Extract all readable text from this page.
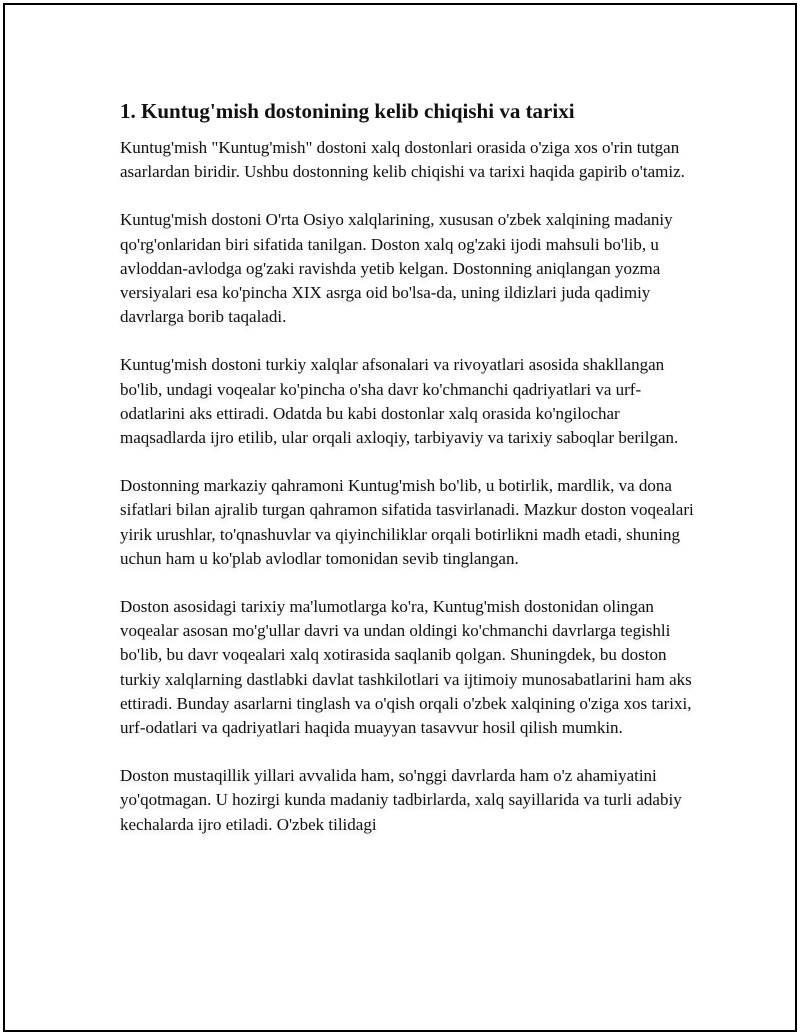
1. Kuntug'mish dostonining kelib chiqishi va tarixi

Kuntug'mish "Kuntug'mish" dostoni xalq dostonlari orasida o'ziga xos o'rin tutgan asarlardan biridir. Ushbu dostonning kelib chiqishi va tarixi haqida gapirib o'tamiz.

Kuntug'mish dostoni O'rta Osiyo xalqlarining, xususan o'zbek xalqining madaniy qo'rg'onlaridan biri sifatida tanilgan. Doston xalq og'zaki ijodi mahsuli bo'lib, u avloddan-avlodga og'zaki ravishda yetib kelgan. Dostonning aniqlangan yozma versiyalari esa ko'pincha XIX asrga oid bo'lsa-da, uning ildizlari juda qadimiy davrlarga borib taqaladi.

Kuntug'mish dostoni turkiy xalqlar afsonalari va rivoyatlari asosida shakllangan bo'lib, undagi voqealar ko'pincha o'sha davr ko'chmanchi qadriyatlari va urf-odatlarini aks ettiradi. Odatda bu kabi dostonlar xalq orasida ko'ngilochar maqsadlarda ijro etilib, ular orqali axloqiy, tarbiyaviy va tarixiy saboqlar berilgan.

Dostonning markaziy qahramoni Kuntug'mish bo'lib, u botirlik, mardlik, va dona sifatlari bilan ajralib turgan qahramon sifatida tasvirlanadi. Mazkur doston voqealari yirik urushlar, to'qnashuvlar va qiyinchiliklar orqali botirlikni madh etadi, shuning uchun ham u ko'plab avlodlar tomonidan sevib tinglangan.

Doston asosidagi tarixiy ma'lumotlarga ko'ra, Kuntug'mish dostonidan olingan voqealar asosan mo'g'ullar davri va undan oldingi ko'chmanchi davrlarga tegishli bo'lib, bu davr voqealari xalq xotirasida saqlanib qolgan. Shuningdek, bu doston turkiy xalqlarning dastlabki davlat tashkilotlari va ijtimoiy munosabatlarini ham aks ettiradi. Bunday asarlarni tinglash va o'qish orqali o'zbek xalqining o'ziga xos tarixi, urf-odatlari va qadriyatlari haqida muayyan tasavvur hosil qilish mumkin.

Doston mustaqillik yillari avvalida ham, so'nggi davrlarda ham o'z ahamiyatini yo'qotmagan. U hozirgi kunda madaniy tadbirlarda, xalq sayillarida va turli adabiy kechalarda ijro etiladi. O'zbek tilidagi
